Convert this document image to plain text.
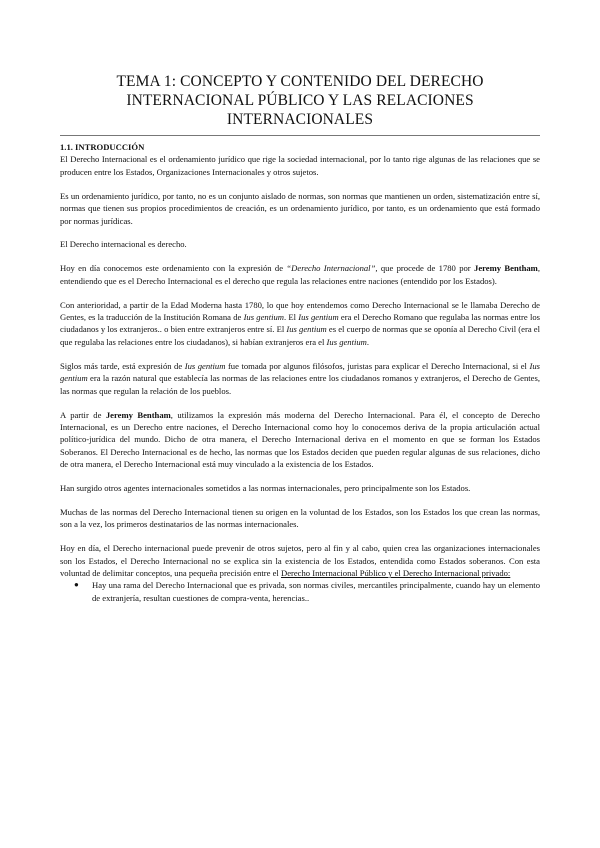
TEMA 1: CONCEPTO Y CONTENIDO DEL DERECHO
INTERNACIONAL PÚBLICO Y LAS RELACIONES
INTERNACIONALES

1.1. INTRODUCCIÓN

El Derecho Internacional es el ordenamiento jurídico que rige la sociedad internacional, por lo tanto rige algunas de las relaciones que se producen entre los Estados, Organizaciones Internacionales y otros sujetos.

Es un ordenamiento jurídico, por tanto, no es un conjunto aislado de normas, son normas que mantienen un orden, sistematización entre sí, normas que tienen sus propios procedimientos de creación, es un ordenamiento jurídico, por tanto, es un ordenamiento que está formado por normas jurídicas.

El Derecho internacional es derecho.

Hoy en día conocemos este ordenamiento con la expresión de “Derecho Internacional”, que procede de 1780 por Jeremy Bentham, entendiendo que es el Derecho Internacional es el derecho que regula las relaciones entre naciones (entendido por los Estados).

Con anterioridad, a partir de la Edad Moderna hasta 1780, lo que hoy entendemos como Derecho Internacional se le llamaba Derecho de Gentes, es la traducción de la Institución Romana de Ius gentium. El Ius gentium era el Derecho Romano que regulaba las normas entre los ciudadanos y los extranjeros.. o bien entre extranjeros entre sí. El Ius gentium es el cuerpo de normas que se oponía al Derecho Civil (era el que regulaba las relaciones entre los ciudadanos), si habían extranjeros era el Ius gentium.

Siglos más tarde, está expresión de Ius gentium fue tomada por algunos filósofos, juristas para explicar el Derecho Internacional, si el Ius gentium era la razón natural que establecía las normas de las relaciones entre los ciudadanos romanos y extranjeros, el Derecho de Gentes, las normas que regulan la relación de los pueblos.

A partir de Jeremy Bentham, utilizamos la expresión más moderna del Derecho Internacional. Para él, el concepto de Derecho Internacional, es un Derecho entre naciones, el Derecho Internacional como hoy lo conocemos deriva de la propia articulación actual político-jurídica del mundo. Dicho de otra manera, el Derecho Internacional deriva en el momento en que se forman los Estados Soberanos. El Derecho Internacional es de hecho, las normas que los Estados deciden que pueden regular algunas de sus relaciones, dicho de otra manera, el Derecho Internacional está muy vinculado a la existencia de los Estados.

Han surgido otros agentes internacionales sometidos a las normas internacionales, pero principalmente son los Estados.

Muchas de las normas del Derecho Internacional tienen su origen en la voluntad de los Estados, son los Estados los que crean las normas, son a la vez, los primeros destinatarios de las normas internacionales.

Hoy en día, el Derecho internacional puede prevenir de otros sujetos, pero al fin y al cabo, quien crea las organizaciones internacionales son los Estados, el Derecho Internacional no se explica sin la existencia de los Estados, entendida como Estados soberanos. Con esta voluntad de delimitar conceptos, una pequeña precisión entre el Derecho Internacional Público y el Derecho Internacional privado:

● Hay una rama del Derecho Internacional que es privada, son normas civiles, mercantiles principalmente, cuando hay un elemento de extranjería, resultan cuestiones de compra-venta, herencias..
